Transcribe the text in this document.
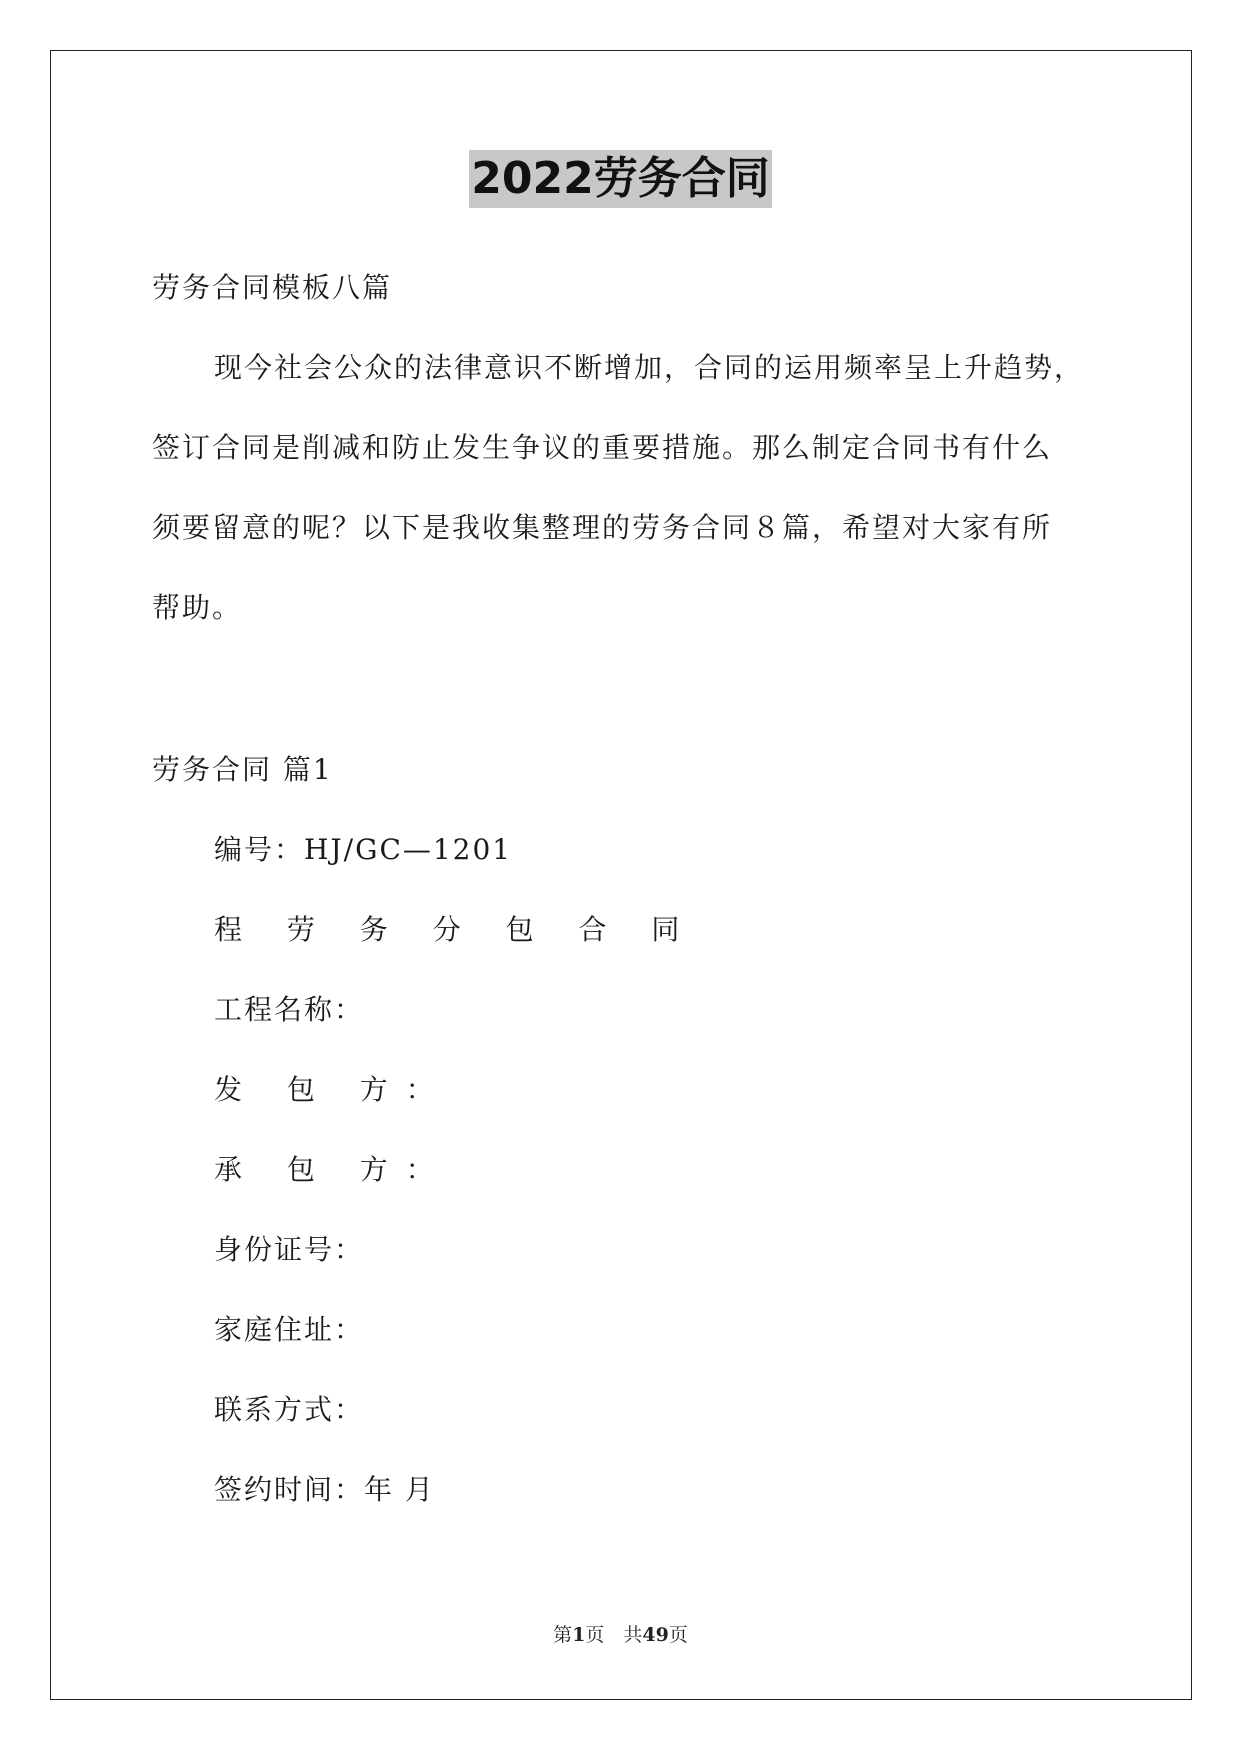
2022劳务合同
劳务合同模板八篇
现今社会公众的法律意识不断增加，合同的运用频率呈上升趋势，
签订合同是削减和防止发生争议的重要措施。那么制定合同书有什么
须要留意的呢？以下是我收集整理的劳务合同８篇，希望对大家有所
帮助。
劳务合同 篇1
编号：HJ/GC—1201
程 劳 务 分 包 合 同
工程名称：
发 包 方：
承 包 方：
身份证号：
家庭住址：
联系方式：
签约时间：年 月
第1页　共49页
